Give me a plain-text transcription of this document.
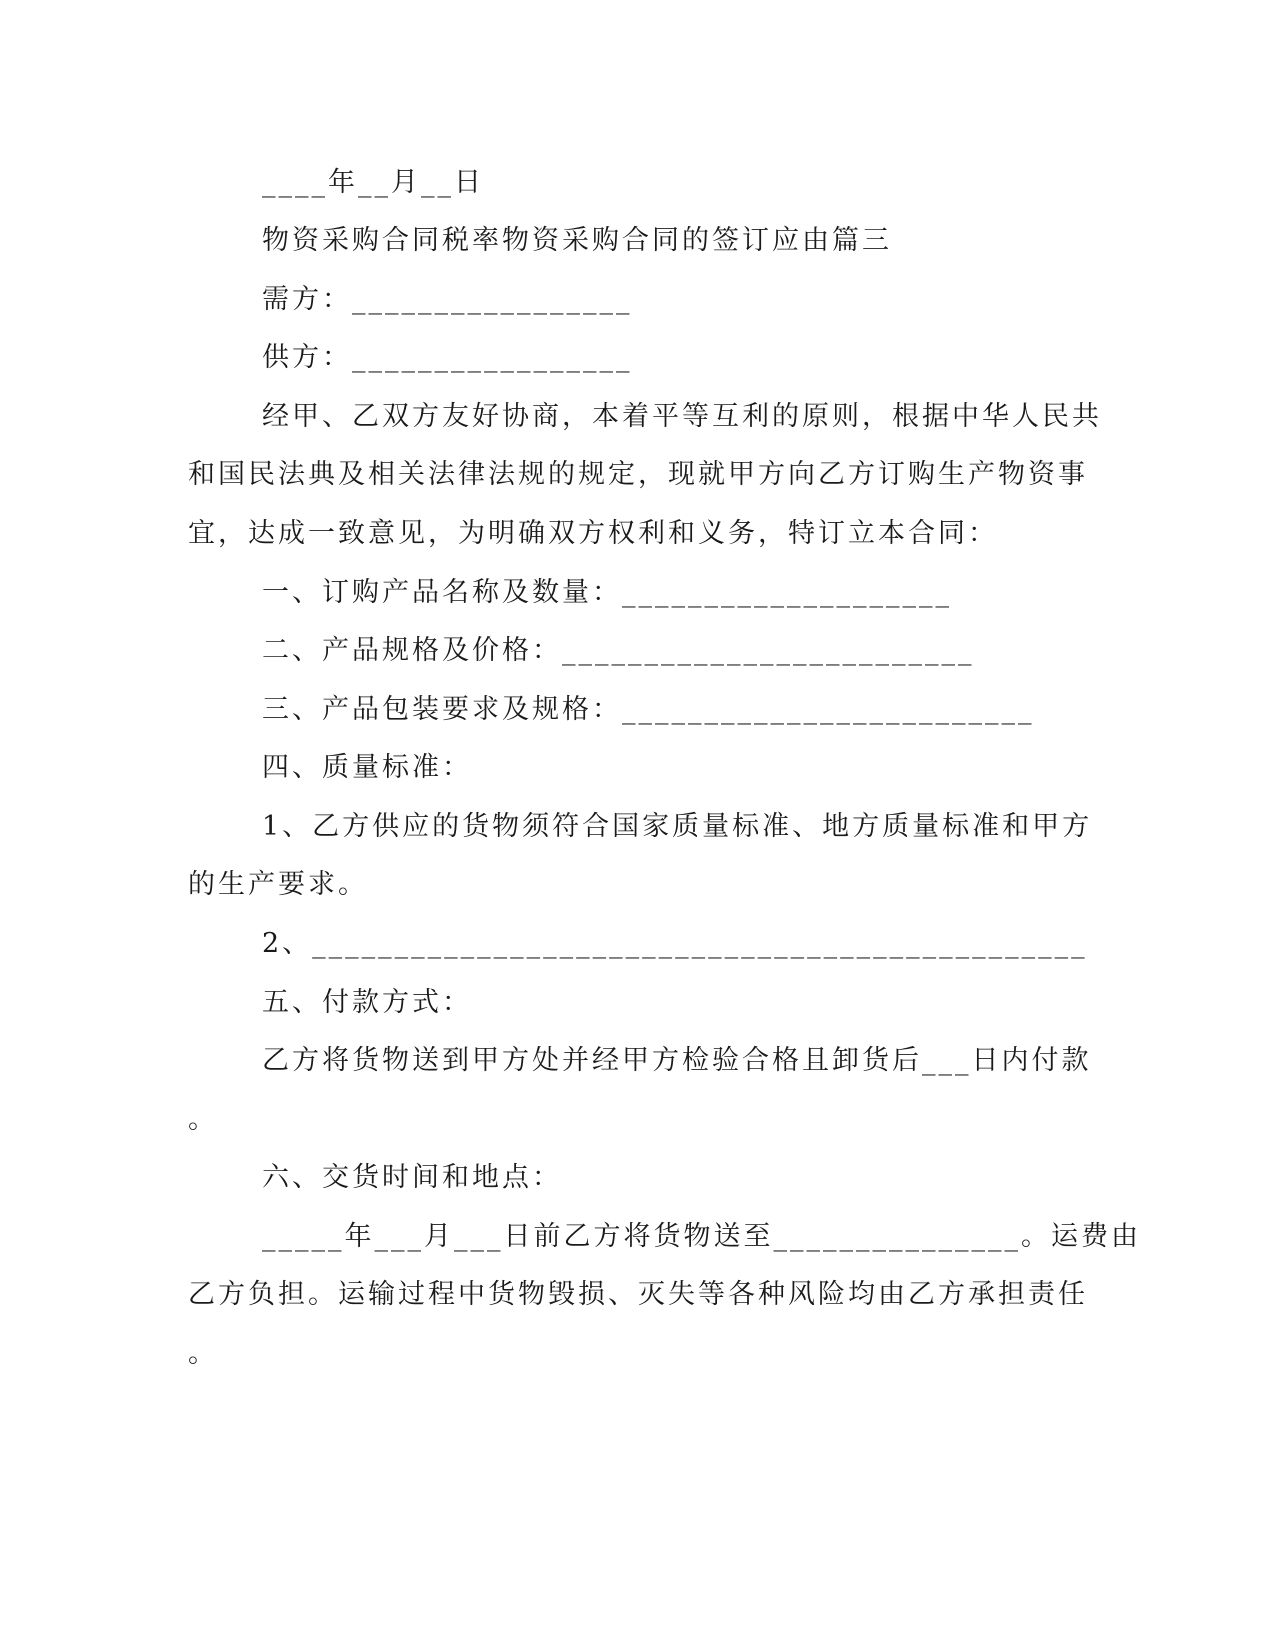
____年__月__日
物资采购合同税率物资采购合同的签订应由篇三
需方：_________________
供方：_________________
经甲、乙双方友好协商，本着平等互利的原则，根据中华人民共
和国民法典及相关法律法规的规定，现就甲方向乙方订购生产物资事
宜，达成一致意见，为明确双方权利和义务，特订立本合同：
一、订购产品名称及数量：____________________
二、产品规格及价格：_________________________
三、产品包装要求及规格：_________________________
四、质量标准：
1、乙方供应的货物须符合国家质量标准、地方质量标准和甲方
的生产要求。
2、_______________________________________________
五、付款方式：
乙方将货物送到甲方处并经甲方检验合格且卸货后___日内付款
。
六、交货时间和地点：
_____年___月___日前乙方将货物送至_______________。运费由
乙方负担。运输过程中货物毁损、灭失等各种风险均由乙方承担责任
。
